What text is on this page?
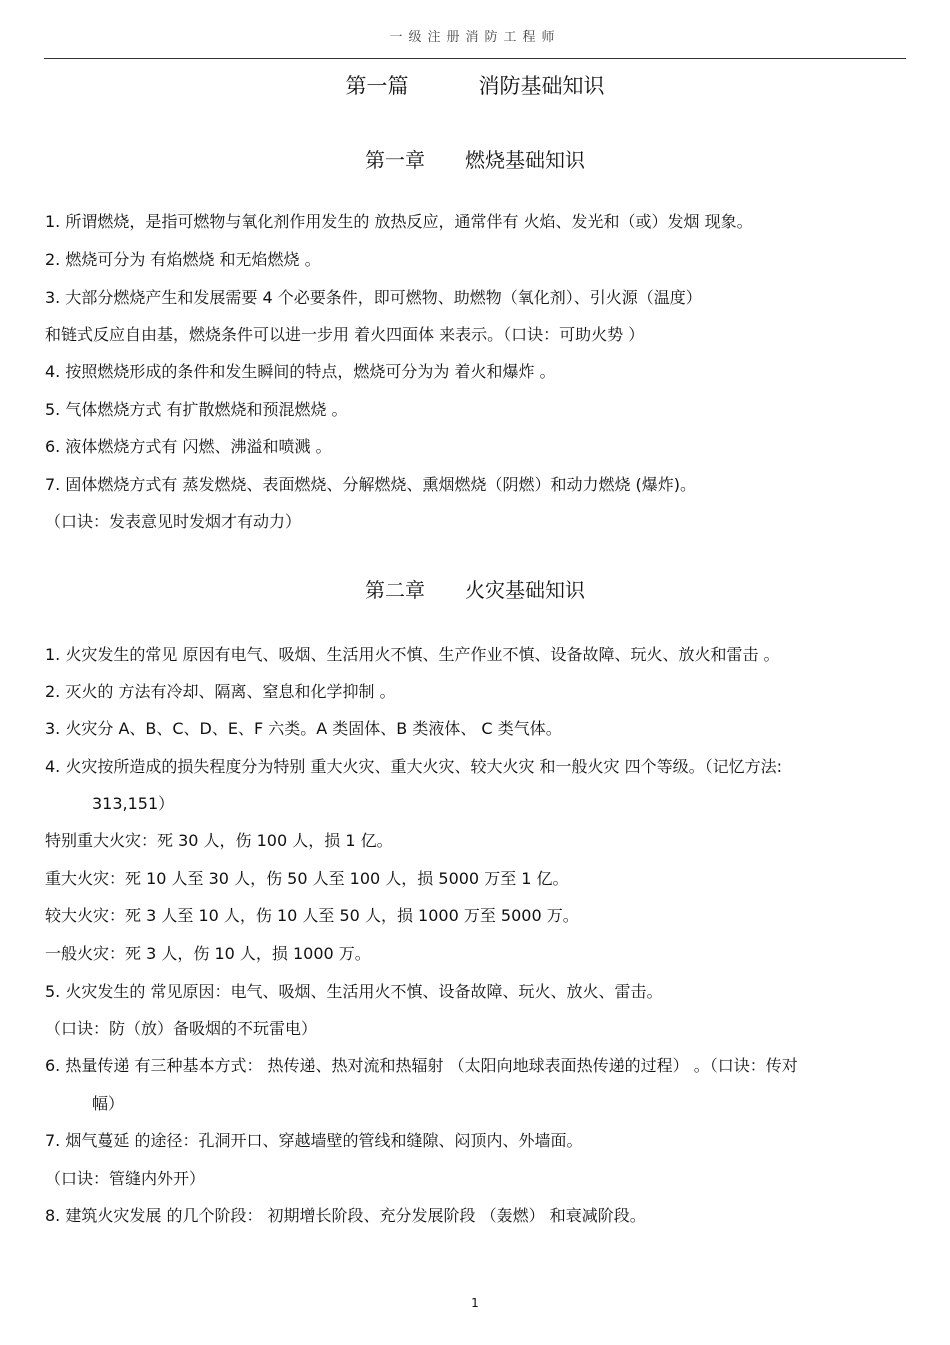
一级注册消防工程师
第一篇	消防基础知识
第一章 燃烧基础知识
1. 所谓燃烧，是指可燃物与氧化剂作用发生的 放热反应，通常伴有 火焰、发光和（或）发烟 现象。
2. 燃烧可分为 有焰燃烧 和无焰燃烧 。
3. 大部分燃烧产生和发展需要 4 个必要条件，即可燃物、助燃物（氧化剂）、引火源（温度）
和链式反应自由基，燃烧条件可以进一步用 着火四面体 来表示。（口诀：可助火势 ）
4. 按照燃烧形成的条件和发生瞬间的特点，燃烧可分为为 着火和爆炸 。
5. 气体燃烧方式 有扩散燃烧和预混燃烧 。
6. 液体燃烧方式有 闪燃、沸溢和喷溅 。
7. 固体燃烧方式有 蒸发燃烧、表面燃烧、分解燃烧、熏烟燃烧（阴燃）和动力燃烧 (爆炸)。
（口诀：发表意见时发烟才有动力）
第二章 火灾基础知识
1. 火灾发生的常见 原因有电气、吸烟、生活用火不慎、生产作业不慎、设备故障、玩火、放火和雷击 。
2. 灭火的 方法有冷却、隔离、窒息和化学抑制 。
3. 火灾分 A、B、C、D、E、F 六类。A 类固体、B 类液体、 C 类气体。
4. 火灾按所造成的损失程度分为特别 重大火灾、重大火灾、较大火灾 和一般火灾 四个等级。（记忆方法:
313,151）
特别重大火灾：死 30 人，伤 100 人，损 1 亿。
重大火灾：死 10 人至 30 人，伤 50 人至 100 人，损 5000 万至 1 亿。
较大火灾：死 3 人至 10 人，伤 10 人至 50 人，损 1000 万至 5000 万。
一般火灾：死 3 人，伤 10 人，损 1000 万。
5. 火灾发生的 常见原因：电气、吸烟、生活用火不慎、设备故障、玩火、放火、雷击。
（口诀：防（放）备吸烟的不玩雷电）
6. 热量传递 有三种基本方式： 热传递、热对流和热辐射 （太阳向地球表面热传递的过程） 。（口诀：传对
幅）
7. 烟气蔓延 的途径：孔洞开口、穿越墙壁的管线和缝隙、闷顶内、外墙面。
（口诀：管缝内外开）
8. 建筑火灾发展 的几个阶段： 初期增长阶段、充分发展阶段 （轰燃） 和衰减阶段。
1
